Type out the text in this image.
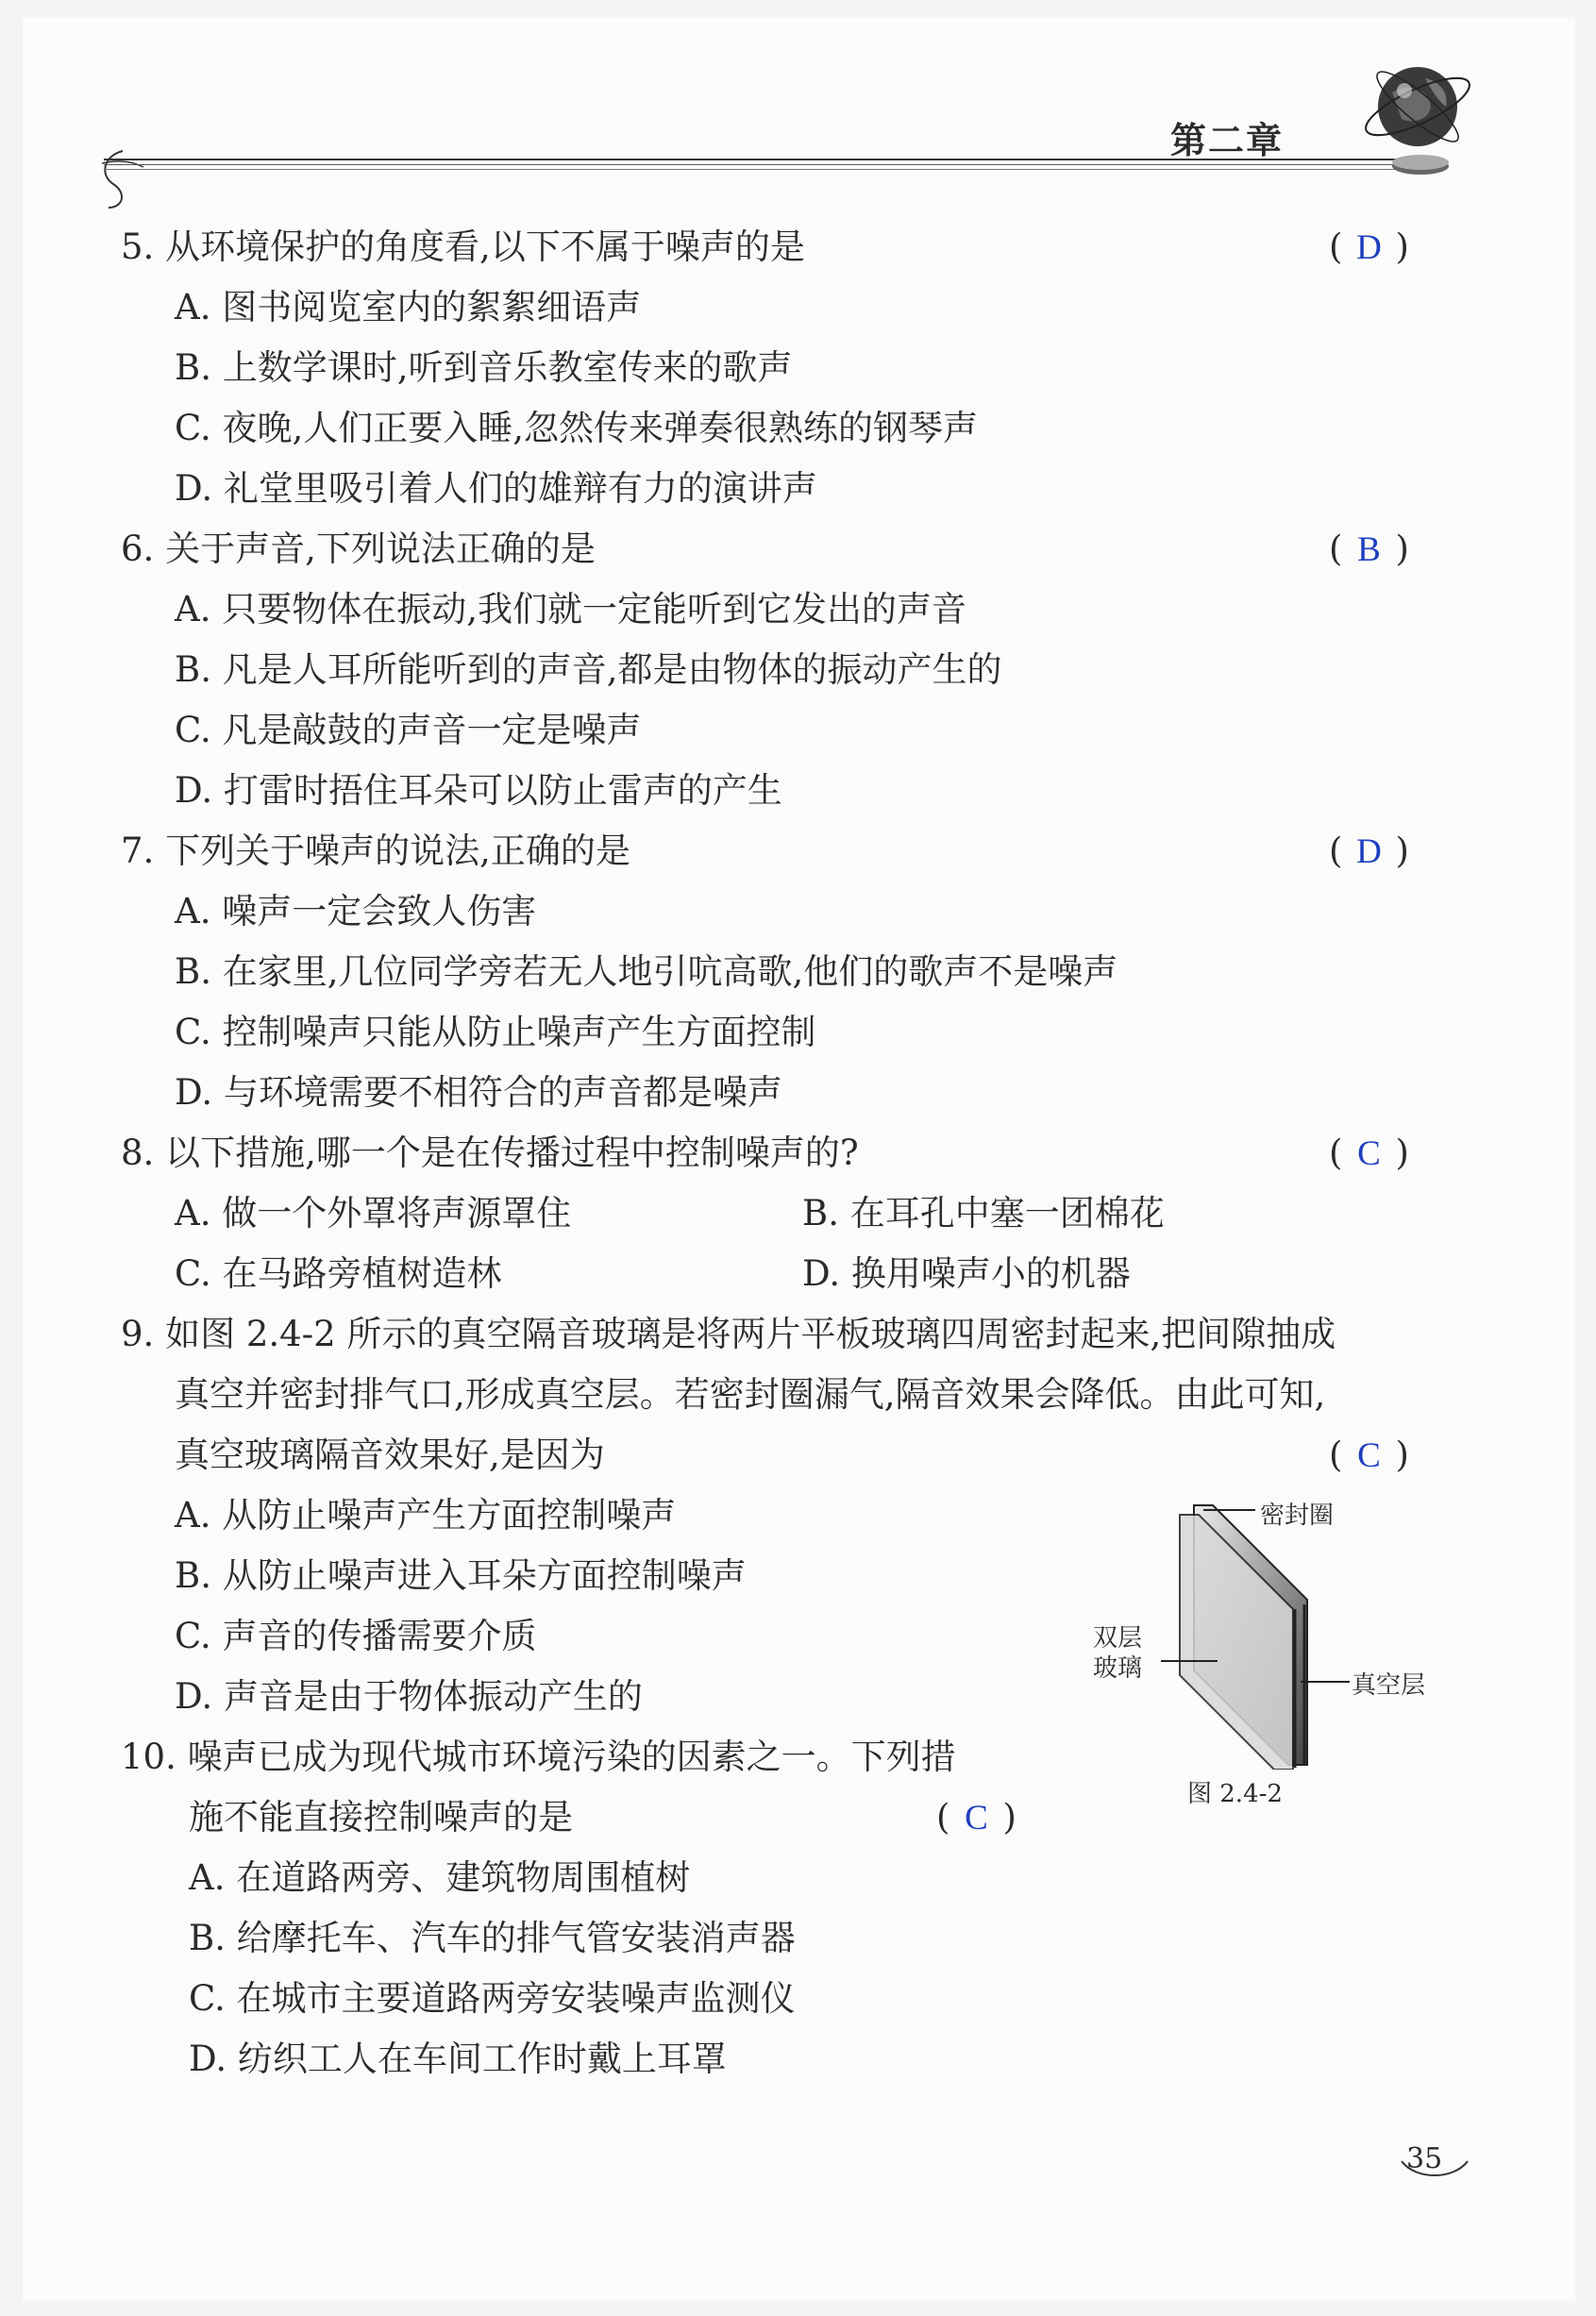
第二章
5. 从环境保护的角度看,以下不属于噪声的是	( D )
A. 图书阅览室内的絮絮细语声
B. 上数学课时,听到音乐教室传来的歌声
C. 夜晚,人们正要入睡,忽然传来弹奏很熟练的钢琴声
D. 礼堂里吸引着人们的雄辩有力的演讲声
6. 关于声音,下列说法正确的是	( B )
A. 只要物体在振动,我们就一定能听到它发出的声音
B. 凡是人耳所能听到的声音,都是由物体的振动产生的
C. 凡是敲鼓的声音一定是噪声
D. 打雷时捂住耳朵可以防止雷声的产生
7. 下列关于噪声的说法,正确的是	( D )
A. 噪声一定会致人伤害
B. 在家里,几位同学旁若无人地引吭高歌,他们的歌声不是噪声
C. 控制噪声只能从防止噪声产生方面控制
D. 与环境需要不相符合的声音都是噪声
8. 以下措施,哪一个是在传播过程中控制噪声的?	( C )
A. 做一个外罩将声源罩住	B. 在耳孔中塞一团棉花
C. 在马路旁植树造林	D. 换用噪声小的机器
9. 如图 2.4-2 所示的真空隔音玻璃是将两片平板玻璃四周密封起来,把间隙抽成
真空并密封排气口,形成真空层。若密封圈漏气,隔音效果会降低。由此可知,
真空玻璃隔音效果好,是因为	( C )
A. 从防止噪声产生方面控制噪声
B. 从防止噪声进入耳朵方面控制噪声
C. 声音的传播需要介质
D. 声音是由于物体振动产生的
密封圈
双层
玻璃
真空层
图 2.4-2
10. 噪声已成为现代城市环境污染的因素之一。下列措
施不能直接控制噪声的是	( C )
A. 在道路两旁、建筑物周围植树
B. 给摩托车、汽车的排气管安装消声器
C. 在城市主要道路两旁安装噪声监测仪
D. 纺织工人在车间工作时戴上耳罩
35
